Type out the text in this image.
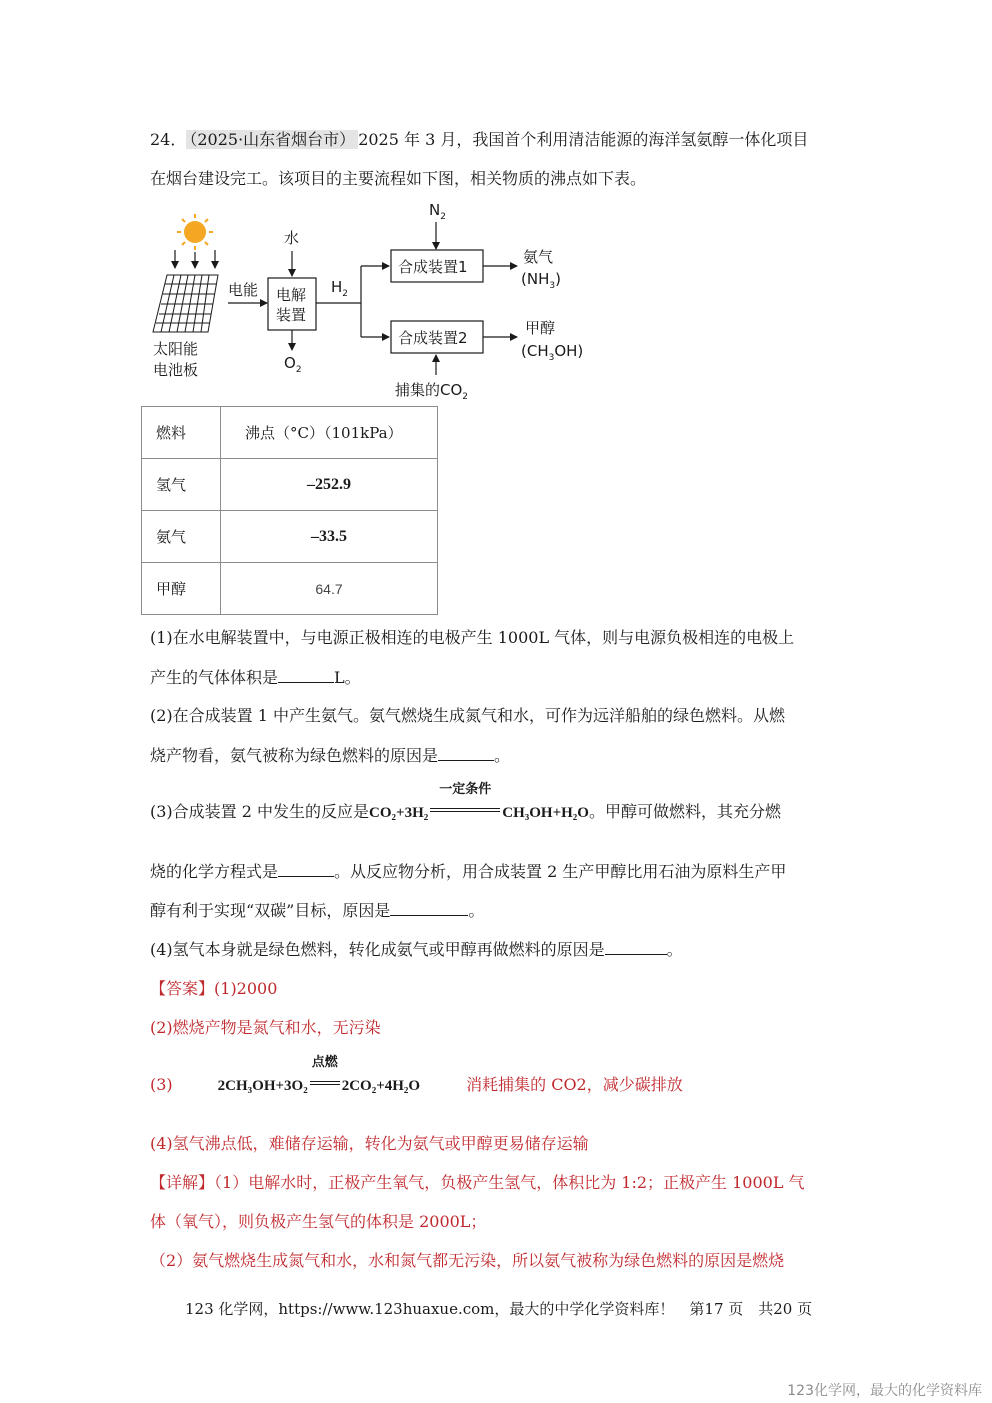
24． （2025·山东省烟台市） 2025 年 3 月，我国首个利用清洁能源的海洋氢氨醇一体化项目
在烟台建设完工。该项目的主要流程如下图，相关物质的沸点如下表。
太阳能
电池板
电能
水
电解
装置
$O_2$
$H_2$
$N_2$
合成装置1
合成装置2
捕集的$CO_2$
氨气
$(NH_3)$
甲醇
$(CH_3OH)$
燃料	沸点（°C）（101kPa）
氢气	–252.9
氨气	–33.5
甲醇	64.7
(1)在水电解装置中，与电源正极相连的电极产生 1000L 气体，则与电源负极相连的电极上
产生的气体体积是	L。
(2)在合成装置 1 中产生氨气。氨气燃烧生成氮气和水，可作为远洋船舶的绿色燃料。从燃
烧产物看，氨气被称为绿色燃料的原因是	。
(3)合成装置 2 中发生的反应是CO₂+3H₂
一定条件
CH₃OH+H₂O。甲醇可做燃料，其充分燃
烧的化学方程式是	。从反应物分析，用合成装置 2 生产甲醇比用石油为原料生产甲
醇有利于实现“双碳”目标，原因是	。
(4)氢气本身就是绿色燃料，转化成氨气或甲醇再做燃料的原因是	。
【答案】(1)2000
(2)燃烧产物是氮气和水，无污染
(3)	2CH₃OH+3O₂
点燃
2CO₂+4H₂O	消耗捕集的 CO2，减少碳排放
(4)氢气沸点低，难储存运输，转化为氨气或甲醇更易储存运输
【详解】（1）电解水时，正极产生氧气，负极产生氢气，体积比为 1:2；正极产生 1000L 气
体（氧气），则负极产生氢气的体积是 2000L；
（2）氨气燃烧生成氮气和水，水和氮气都无污染，所以氨气被称为绿色燃料的原因是燃烧
123 化学网，https://www.123huaxue.com，最大的中学化学资料库！　第17 页　共20 页
123化学网，最大的化学资料库
